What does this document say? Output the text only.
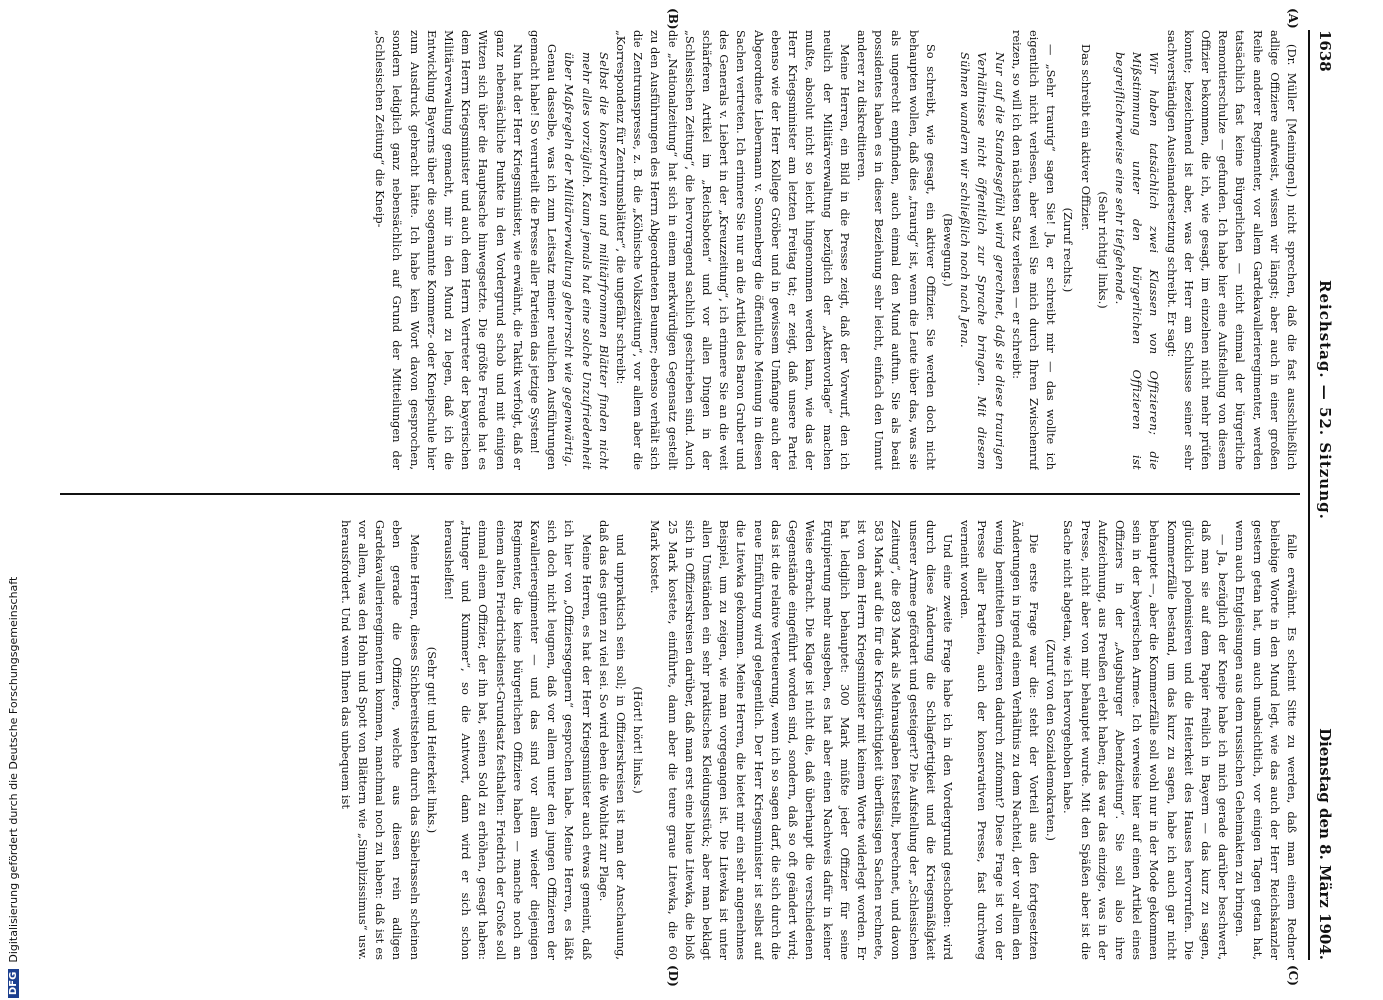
1638
Reichstag. — 52. Sitzung.
Dienstag den 8. März 1904.
(A)
(B)
(C)
(D)

(Dr. Müller [Meiningen].) nicht sprechen, daß die fast ausschließlich adlige Offiziere aufweist, wissen wir längst; aber auch in einer großen Reihe anderer Regimenter, vor allem Gardekavallerieregimenter, werden tatsächlich fast keine Bürgerlichen — nicht einmal der bürgerliche Remontierschulze — gefunden. Ich habe hier eine Aufstellung von diesem Offizier bekommen, die ich, wie gesagt, im einzelnen nicht mehr prüfen konnte; bezeichnend ist aber, was der Herr am Schlusse seiner sehr sachverständigen Auseinandersetzung schreibt. Er sagt:

Wir haben tatsächlich zwei Klassen von Offizieren; die Mißstimmung unter den bürgerlichen Offizieren ist begreiflicherweise eine sehr tiefgehende.

(Sehr richtig! links.)

Das schreibt ein aktiver Offizier.

(Zuruf rechts.)

— „Sehr traurig“ sagen Sie! Ja, er schreibt mir — das wollte ich eigentlich nicht verlesen, aber weil Sie mich durch Ihren Zwischenruf reizen, so will ich den nächsten Satz verlesen — er schreibt:

Nur auf die Standesgefühl wird gerechnet, daß sie diese traurigen Verhältnisse nicht öffentlich zur Sprache bringen. Mit diesem Sühnen wandern wir schließlich noch nach Jena.

(Bewegung.)

So schreibt, wie gesagt, ein aktiver Offizier. Sie werden doch nicht behaupten wollen, daß dies „traurig“ ist, wenn die Leute über das, was sie als ungerecht empfinden, auch einmal den Mund auftun. Sie als beati possidentes haben es in dieser Beziehung sehr leicht, einfach den Unmut anderer zu diskreditieren.

Meine Herren, ein Bild in die Presse zeigt, daß der Vorwurf, den ich neulich der Militärverwaltung bezüglich der „Aktenvorlage“ machen mußte, absolut nicht so leicht hingenommen werden kann, wie das der Herr Kriegsminister am letzten Freitag tat; er zeigt, daß unsere Partei ebenso wie der Herr Kollege Gröber und in gewissem Umfange auch der Abgeordnete Liebermann v. Sonnenberg die öffentliche Meinung in diesen Sachen vertreten. Ich erinnere Sie nur an die Artikel des Baron Gruber und des Generals v. Liebert in der „Kreuzzeitung“, ich erinnere Sie an die weit schärferen Artikel im „Reichsboten“ und vor allen Dingen in der „Schlesischen Zeitung“, die hervorragend sachlich geschrieben sind. Auch die „Nationalzeitung“ hat sich in einem merkwürdigen Gegensatz gestellt zu den Ausführungen des Herrn Abgeordneten Beumer; ebenso verhält sich die Zentrumspresse, z. B. die „Kölnische Volkszeitung“, vor allem aber die „Korrespondenz für Zentrumsblätter“, die ungefähr schreibt:

Selbst die konservativen und militärfrommen Blätter finden nicht mehr alles vorzüglich. Kaum jemals hat eine solche Unzufriedenheit über Maßregeln der Militärverwaltung geherrscht wie gegenwärtig.

Genau dasselbe, was ich zum Leitsatz meiner neulichen Ausführungen gemacht habe! So verurteilt die Presse aller Parteien das jetzige System!

Nun hat der Herr Kriegsminister, wie erwähnt, die Taktik verfolgt, daß er ganz nebensächliche Punkte in den Vordergrund schob und mit einigen Witzen sich über die Hauptsache hinwegsetzte. Die größte Freude hat es dem Herrn Kriegsminister und auch dem Herrn Vertreter der bayerischen Militärverwaltung gemacht, mir in den Mund zu legen, daß ich die Entwicklung Bayerns über die sogenannte Kommerz- oder Kneipschule hier zum Ausdruck gebracht hätte. Ich habe kein Wort davon gesprochen, sondern lediglich ganz nebensächlich auf Grund der Mitteilungen der „Schlesischen Zeitung“ die Kneip-

falle erwähnt. Es scheint Sitte zu werden, daß man einem Redner beliebige Worte in den Mund legt, wie das auch der Herr Reichskanzler gestern getan hat, um auch unabsichtlich, vor einigen Tagen getan hat, wenn auch Entgleisungen aus dem russischen Geheimakten zu bringen.

— Ja, bezüglich der Kneipe habe ich mich gerade darüber beschwert, daß man sie auf dem Papier freilich in Bayern — das kurz zu sagen, glücklich polemisieren und die Heiterkeit des Hauses hervorrufen. Die Kommerzfälle bestand, um das kurz zu sagen, habe ich auch gar nicht behauptet —, aber die Kommerzfälle soll wohl nur in der Mode gekommen sein in der bayerischen Armee. Ich verweise hier auf einen Artikel eines Offiziers in der „Augsburger Abendzeitung“. Sie soll also ihre Aufzeichnung, aus Preußen erlebt haben; das war das einzige, was in der Presse, nicht aber von mir behauptet wurde. Mit den Späßen aber ist die Sache nicht abgetan, wie ich hervorgehoben habe.

(Zuruf von den Sozialdemokraten.)

Die erste Frage war die: steht der Vorteil aus den fortgesetzten Änderungen in irgend einem Verhältnis zu dem Nachteil, der vor allem den wenig bemittelten Offizieren dadurch zufommt? Diese Frage ist von der Presse aller Parteien, auch der konservativen Presse, fast durchweg verneint worden.

Und eine zweite Frage habe ich in den Vordergrund geschoben: wird durch diese Änderung die Schlagfertigkeit und die Kriegsmäßigkeit unserer Armee gefördert und gesteigert? Die Aufstellung der „Schlesischen Zeitung“, die 893 Mark als Mehrausgaben feststellt, berechnet, und davon 583 Mark auf die für die Kriegstüchtigkeit überflüssigen Sachen rechnete, ist von dem Herrn Kriegsminister mit keinem Worte widerlegt worden. Er hat lediglich behauptet: 300 Mark müßte jeder Offizier für seine Equipierung mehr ausgeben, es hat aber einen Nachweis dafür in keiner Weise erbracht. Die Klage ist nicht die, daß überhaupt die verschiedenen Gegenstände eingeführt worden sind, sondern, daß so oft geändert wird; das ist die relative Verteuerung, wenn ich so sagen darf, die sich durch die neue Einführung wird gelegentlich. Der Herr Kriegsminister ist selbst auf die Litewka gekommen. Meine Herren, die bietet mir ein sehr angenehmes Beispiel, um zu zeigen, wie man vorgegangen ist. Die Litewka ist unter allen Umständen ein sehr praktisches Kleidungsstück; aber man beklagt sich in Offizierskreisen darüber, daß man erst eine blaue Litewka, die bloß 25 Mark kostete, einführte, dann aber die teure graue Litewka, die 60 Mark kostet.

(Hört! hört! links.)

und unpraktisch sein soll; in Offizierskreisen ist man der Anschauung, daß das des guten zu viel sei. So wird eben die Wohltat zur Plage.

Meine Herren, es hat der Herr Kriegsminister auch etwas gemeint, daß ich hier von „Offiziersgegnern“ gesprochen habe. Meine Herren, es läßt sich doch nicht leugnen, daß vor allem unter den jungen Offizieren der Kavallerieregimenter — und das sind vor allem wieder diejenigen Regimenter, die keine bürgerlichen Offiziere haben — manche noch an einem alten Friedrichsdienst-Grundsatz festhalten: Friedrich der Große soll einmal einem Offizier, der ihn bat, seinen Sold zu erhöhen, gesagt haben: „Hunger und Kummer“, so die Antwort, dann wird er sich schon heraushelfen!

(Sehr gut! und Heiterkeit links.)

Meine Herren, dieses Sichbereitstehen durch das Säbelrasseln scheinen eben gerade die Offiziere, welche aus diesen rein adligen Gardekavallerieregimentern kommen, manchmal noch zu haben: daß ist es vor allem, was den Hohn und Spott von Blättern wie „Simplizissimus“ usw. herausfordert. Und wenn Ihnen das unbequem ist

DFG
Digitalisierung gefördert durch die Deutsche Forschungsgemeinschaft
